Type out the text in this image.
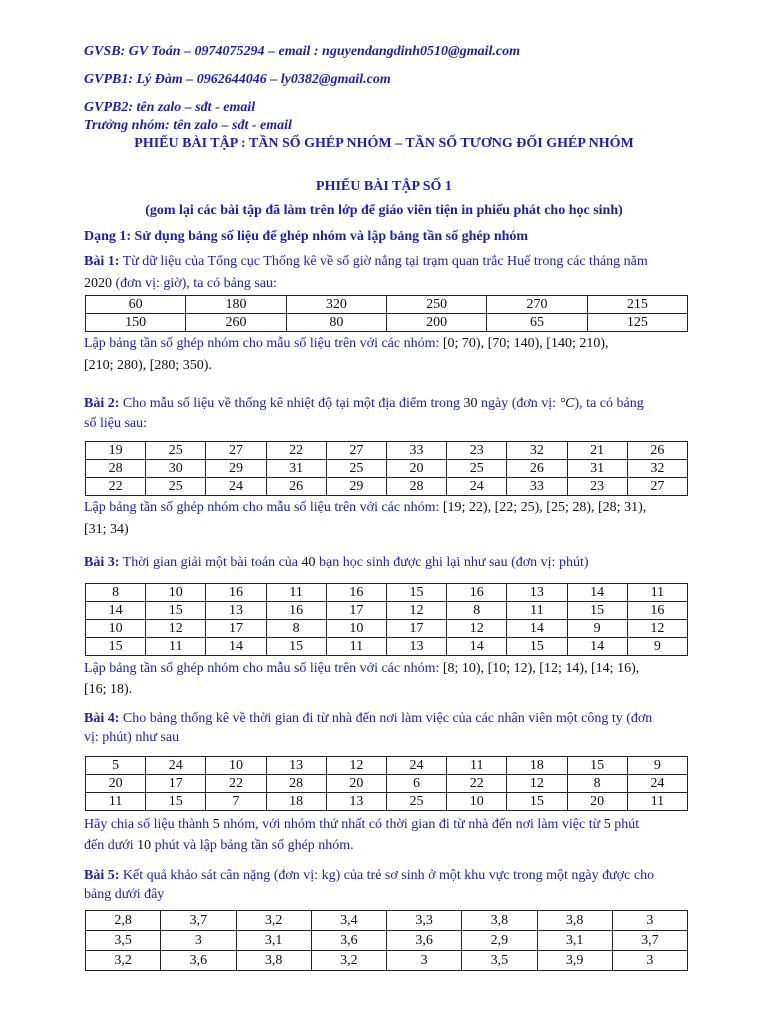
GVSB: GV Toán – 0974075294 – email : nguyendangdinh0510@gmail.com
GVPB1: Lý Đàm – 0962644046 – ly0382@gmail.com
GVPB2: tên zalo – sđt - email
Trưởng nhóm: tên zalo – sđt - email
PHIẾU BÀI TẬP : TẦN SỐ GHÉP NHÓM – TẦN SỐ TƯƠNG ĐỐI GHÉP NHÓM
PHIẾU BÀI TẬP SỐ 1
(gom lại các bài tập đã làm trên lớp để giáo viên tiện in phiếu phát cho học sinh)
Dạng 1: Sử dụng bảng số liệu để ghép nhóm và lập bảng tần số ghép nhóm
Bài 1: Từ dữ liệu của Tổng cục Thống kê về số giờ nắng tại trạm quan trắc Huế trong các tháng năm
2020 (đơn vị: giờ), ta có bảng sau:
60	180	320	250	270	215
150	260	80	200	65	125
Lập bảng tần số ghép nhóm cho mẫu số liệu trên với các nhóm: [0; 70), [70; 140), [140; 210),
[210; 280), [280; 350).
Bài 2: Cho mẫu số liệu về thống kê nhiệt độ tại một địa điểm trong 30 ngày (đơn vị: °C), ta có bảng
số liệu sau:
19	25	27	22	27	33	23	32	21	26
28	30	29	31	25	20	25	26	31	32
22	25	24	26	29	28	24	33	23	27
Lập bảng tần số ghép nhóm cho mẫu số liệu trên với các nhóm: [19; 22), [22; 25), [25; 28), [28; 31),
[31; 34)
Bài 3: Thời gian giải một bài toán của 40 bạn học sinh được ghi lại như sau (đơn vị: phút)
8	10	16	11	16	15	16	13	14	11
14	15	13	16	17	12	8	11	15	16
10	12	17	8	10	17	12	14	9	12
15	11	14	15	11	13	14	15	14	9
Lập bảng tần số ghép nhóm cho mẫu số liệu trên với các nhóm: [8; 10), [10; 12), [12; 14), [14; 16),
[16; 18).
Bài 4: Cho bảng thống kê về thời gian đi từ nhà đến nơi làm việc của các nhân viên một công ty (đơn
vị: phút) như sau
5	24	10	13	12	24	11	18	15	9
20	17	22	28	20	6	22	12	8	24
11	15	7	18	13	25	10	15	20	11
Hãy chia số liệu thành 5 nhóm, với nhóm thứ nhất có thời gian đi từ nhà đến nơi làm việc từ 5 phút
đến dưới 10 phút và lập bảng tần số ghép nhóm.
Bài 5: Kết quả khảo sát cân nặng (đơn vị: kg) của trẻ sơ sinh ở một khu vực trong một ngày được cho
bảng dưới đây
2,8	3,7	3,2	3,4	3,3	3,8	3,8	3
3,5	3	3,1	3,6	3,6	2,9	3,1	3,7
3,2	3,6	3,8	3,2	3	3,5	3,9	3
